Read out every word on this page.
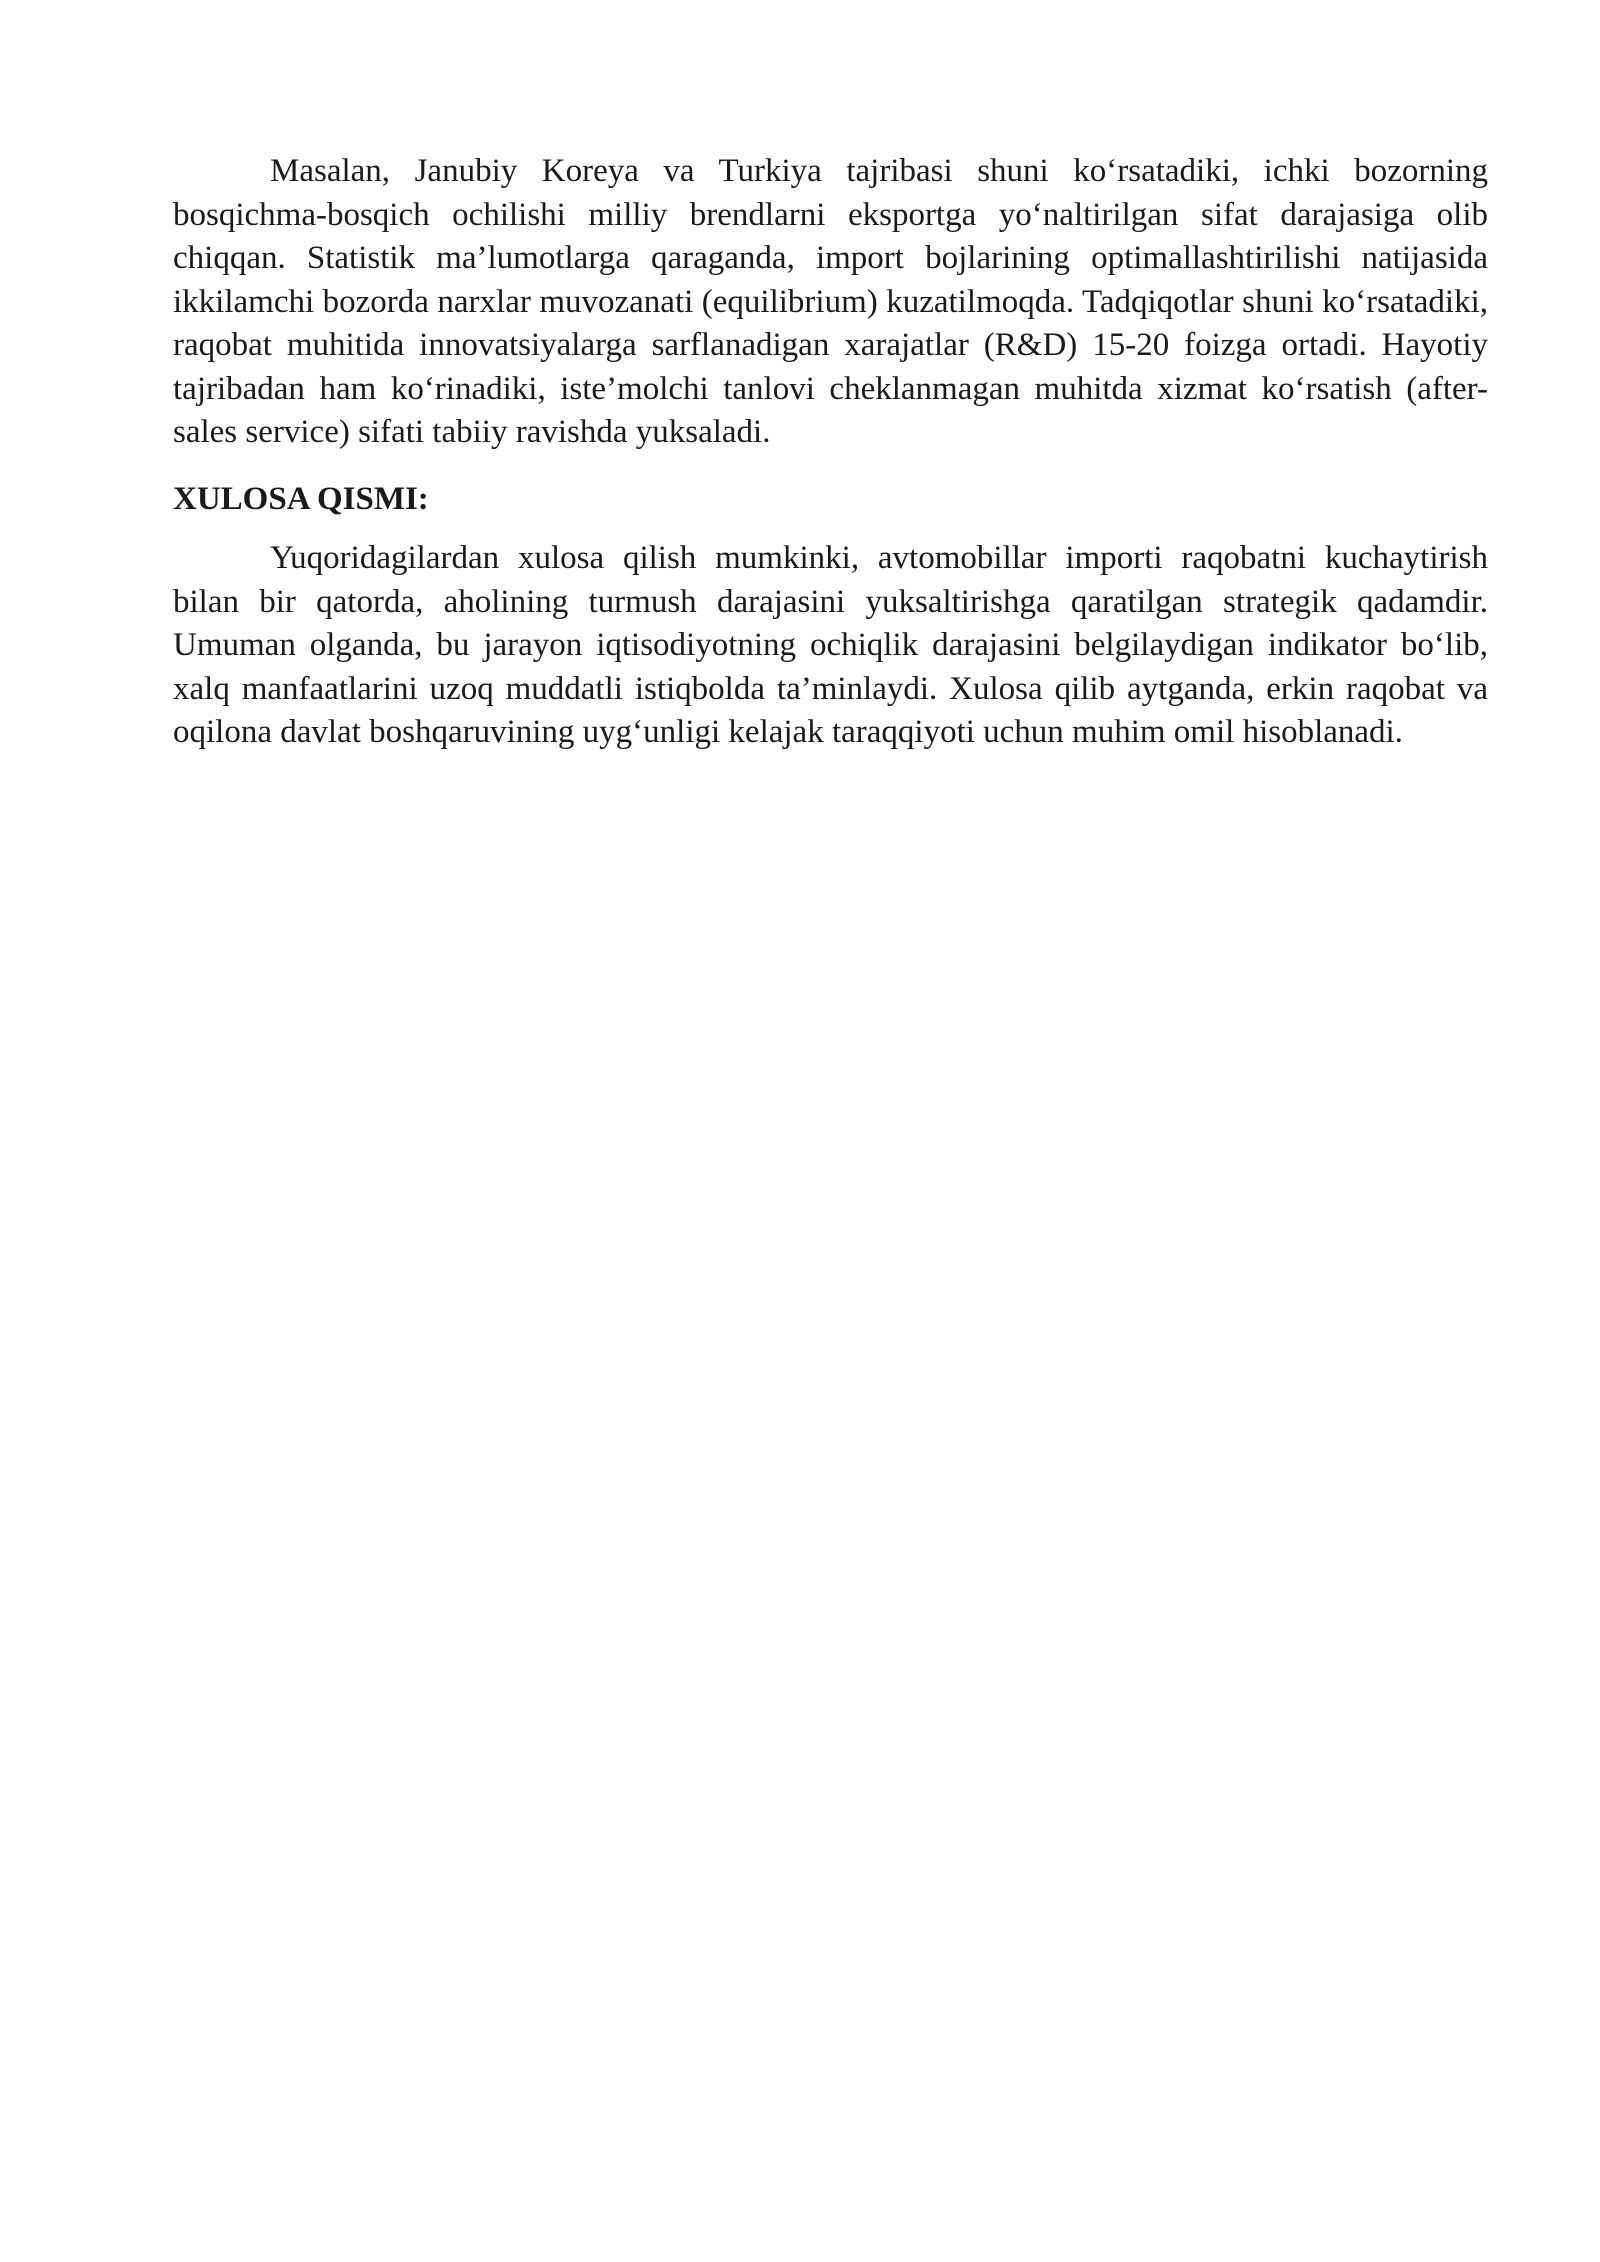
Masalan, Janubiy Koreya va Turkiya tajribasi shuni ko‘rsatadiki, ichki bozorning bosqichma-bosqich ochilishi milliy brendlarni eksportga yo‘naltirilgan sifat darajasiga olib chiqqan. Statistik ma’lumotlarga qaraganda, import bojlarining optimallashtirilishi natijasida ikkilamchi bozorda narxlar muvozanati (equilibrium) kuzatilmoqda. Tadqiqotlar shuni ko‘rsatadiki, raqobat muhitida innovatsiyalarga sarflanadigan xarajatlar (R&D) 15-20 foizga ortadi. Hayotiy tajribadan ham ko‘rinadiki, iste’molchi tanlovi cheklanmagan muhitda xizmat ko‘rsatish (after-sales service) sifati tabiiy ravishda yuksaladi.

XULOSA QISMI:

Yuqoridagilardan xulosa qilish mumkinki, avtomobillar importi raqobatni kuchaytirish bilan bir qatorda, aholining turmush darajasini yuksaltirishga qaratilgan strategik qadamdir. Umuman olganda, bu jarayon iqtisodiyotning ochiqlik darajasini belgilaydigan indikator bo‘lib, xalq manfaatlarini uzoq muddatli istiqbolda ta’minlaydi. Xulosa qilib aytganda, erkin raqobat va oqilona davlat boshqaruvining uyg‘unligi kelajak taraqqiyoti uchun muhim omil hisoblanadi.
